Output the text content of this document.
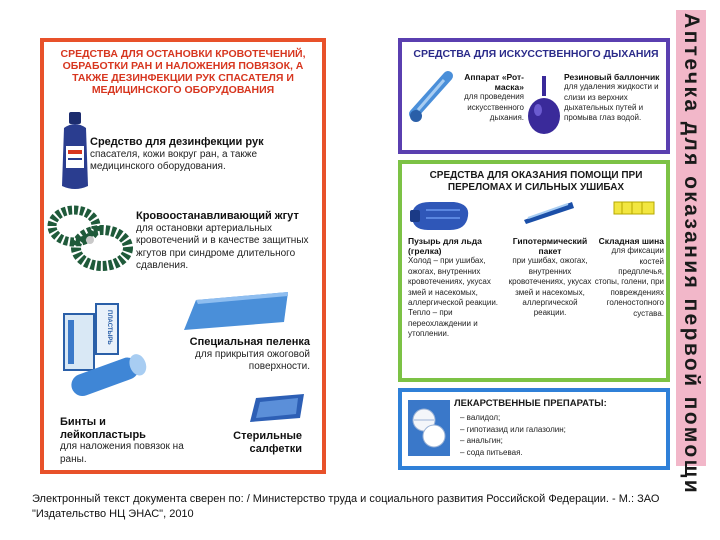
Аптечка для оказания первой помощи
СРЕДСТВА ДЛЯ ОСТАНОВКИ КРОВОТЕЧЕНИЙ, ОБРАБОТКИ РАН И НАЛОЖЕНИЯ ПОВЯЗОК, А ТАКЖЕ ДЕЗИНФЕКЦИИ РУК СПАСАТЕЛЯ И МЕДИЦИНСКОГО ОБОРУДОВАНИЯ
Средство для дезинфекции рук
спасателя, кожи вокруг ран, а также медицинского оборудования.
Кровоостанавливающий жгут
для остановки артериальных кровотечений и в качестве защитных жгутов при синдроме длительного сдавления.
Специальная пеленка
для прикрытия ожоговой поверхности.
ПЛАСТЫРЬ
Бинты и лейкопластырь
для наложения повязок на раны.
Стерильные салфетки
СРЕДСТВА ДЛЯ ИСКУССТВЕННОГО ДЫХАНИЯ
Аппарат «Рот-маска»
для проведения искусственного дыхания.
Резиновый баллончик
для удаления жидкости и слизи из верхних дыхательных путей и промыва глаз водой.
СРЕДСТВА ДЛЯ ОКАЗАНИЯ ПОМОЩИ ПРИ ПЕРЕЛОМАХ И СИЛЬНЫХ УШИБАХ
Пузырь для льда (грелка)
Холод – при ушибах, ожогах, внутренних кровотечениях, укусах змей и насекомых, аллергической реакции. Тепло – при переохлаждении и утоплении.
Гипотермический пакет
при ушибах, ожогах, внутренних кровотечениях, укусах змей и насекомых, аллергической реакции.
Складная шина
для фиксации костей предплечья, стопы, голени, при повреждениях голеностопного сустава.
ЛЕКАРСТВЕННЫЕ ПРЕПАРАТЫ:
– валидол;
– гипотиазид или галазолин;
– анальгин;
– сода питьевая.
Электронный текст документа сверен по: / Министерство труда и социального развития Российской Федерации. - М.: ЗАО "Издательство НЦ ЭНАС", 2010
